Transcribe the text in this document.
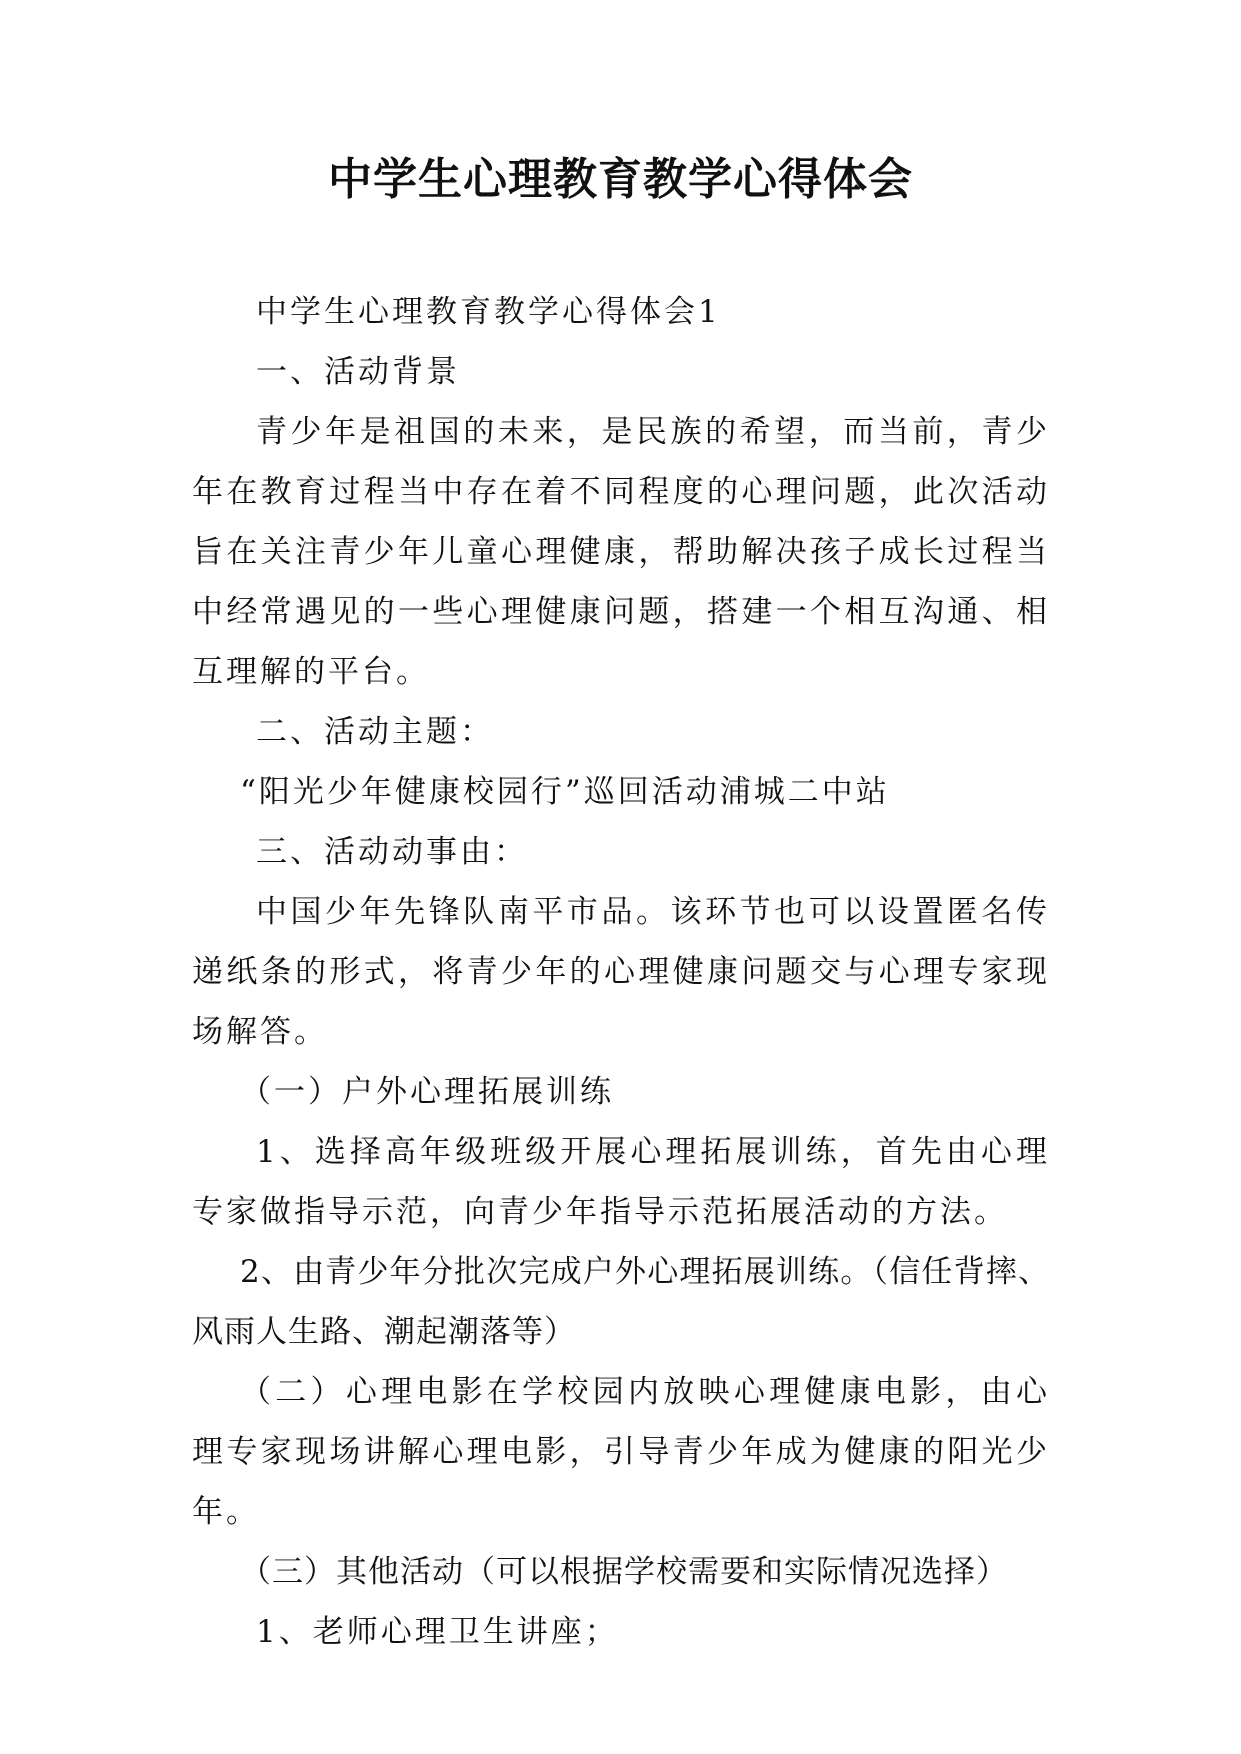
中学生心理教育教学心得体会

中学生心理教育教学心得体会1

一、活动背景

青少年是祖国的未来，是民族的希望，而当前，青少年在教育过程当中存在着不同程度的心理问题，此次活动旨在关注青少年儿童心理健康，帮助解决孩子成长过程当中经常遇见的一些心理健康问题，搭建一个相互沟通、相互理解的平台。

二、活动主题：

“阳光少年健康校园行”巡回活动浦城二中站

三、活动动事由：

中国少年先锋队南平市品。该环节也可以设置匿名传递纸条的形式，将青少年的心理健康问题交与心理专家现场解答。

（一）户外心理拓展训练

1、选择高年级班级开展心理拓展训练，首先由心理专家做指导示范，向青少年指导示范拓展活动的方法。

2、由青少年分批次完成户外心理拓展训练。（信任背摔、风雨人生路、潮起潮落等）

（二）心理电影在学校园内放映心理健康电影，由心理专家现场讲解心理电影，引导青少年成为健康的阳光少年。

（三）其他活动（可以根据学校需要和实际情况选择）

1、老师心理卫生讲座；
